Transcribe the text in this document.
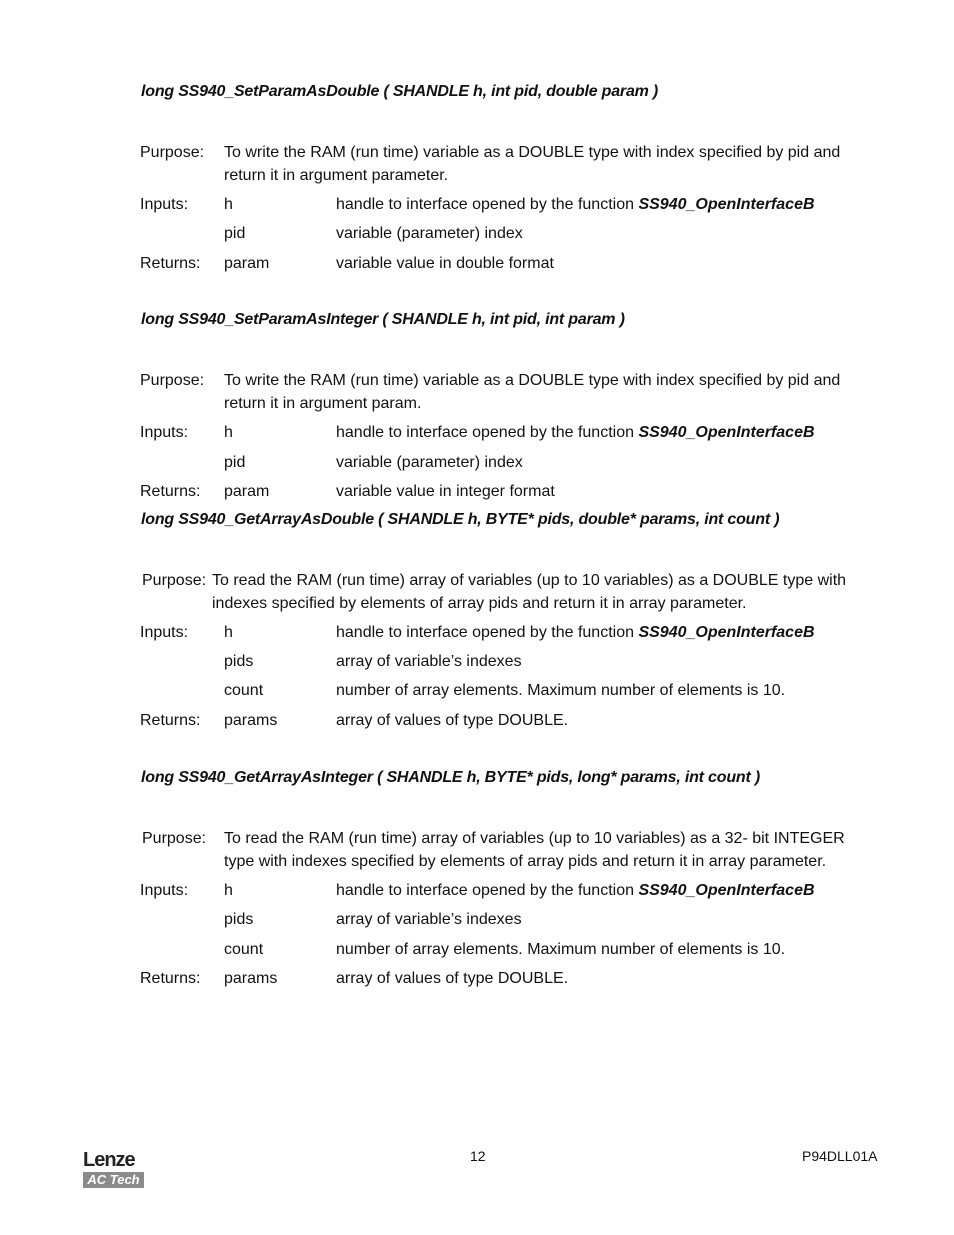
long SS940_SetParamAsDouble ( SHANDLE h, int pid, double param )
Purpose: To write the RAM (run time) variable as a DOUBLE type with index specified by pid and return it in argument parameter.
Inputs: h	handle to interface opened by the function SS940_OpenInterfaceB
pid	variable (parameter) index
Returns: param	variable value in double format
long SS940_SetParamAsInteger ( SHANDLE h, int pid, int param )
Purpose: To write the RAM (run time) variable as a DOUBLE type with index specified by pid and return it in argument param.
Inputs: h	handle to interface opened by the function SS940_OpenInterfaceB
pid	variable (parameter) index
Returns: param	variable value in integer format
long SS940_GetArrayAsDouble ( SHANDLE h, BYTE* pids, double* params, int count )
Purpose: To read the RAM (run time) array of variables (up to 10 variables) as a DOUBLE type with indexes specified by elements of array pids and return it in array parameter.
Inputs: h	handle to interface opened by the function SS940_OpenInterfaceB
pids	array of variable’s indexes
count	number of array elements. Maximum number of elements is 10.
Returns: params	array of values of type DOUBLE.
long SS940_GetArrayAsInteger ( SHANDLE h, BYTE* pids, long* params, int count )
Purpose: To read the RAM (run time) array of variables (up to 10 variables) as a 32- bit INTEGER type with indexes specified by elements of array pids and return it in array parameter.
Inputs: h	handle to interface opened by the function SS940_OpenInterfaceB
pids	array of variable’s indexes
count	number of array elements. Maximum number of elements is 10.
Returns: params	array of values of type DOUBLE.
Lenze
AC Tech
12	P94DLL01A
